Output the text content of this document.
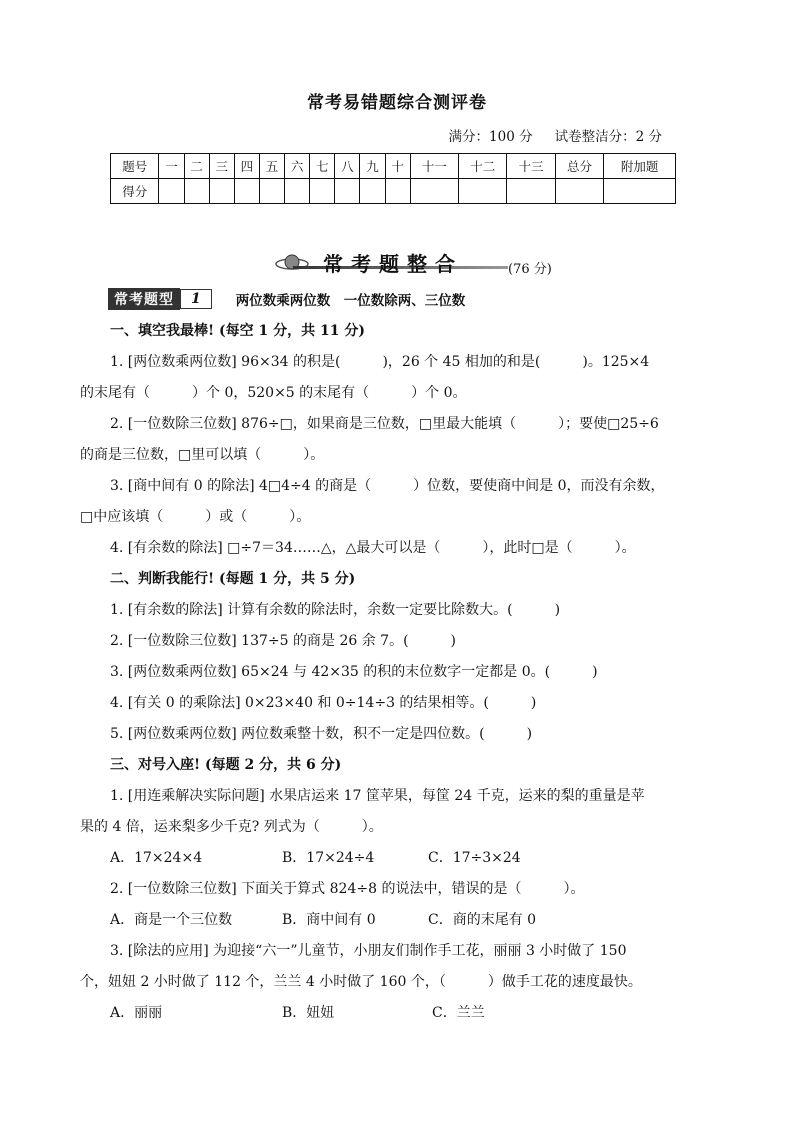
常考易错题综合测评卷
满分：100 分 试卷整洁分：2 分
题号	一	二	三	四	五	六	七	八	九	十	十一	十二	十三	总分	附加题
得分															
常考题整合	(76 分)
常考题型	1	两位数乘两位数　一位数除两、三位数
一、填空我最棒! (每空 1 分，共 11 分)
1. [两位数乘两位数] 96×34 的积是(　　　)，26 个 45 相加的和是(　　　)。125×4
的末尾有（　　　）个 0，520×5 的末尾有（　　　）个 0。
2. [一位数除三位数] 876÷□，如果商是三位数，□里最大能填（　　　）；要使□25÷6
的商是三位数，□里可以填（　　　）。
3. [商中间有 0 的除法] 4□4÷4 的商是（　　　）位数，要使商中间是 0，而没有余数，
□中应该填（　　　）或（　　　）。
4. [有余数的除法] □÷7＝34……△，△最大可以是（　　　），此时□是（　　　）。
二、判断我能行! (每题 1 分，共 5 分)
1. [有余数的除法] 计算有余数的除法时，余数一定要比除数大。(　　　)
2. [一位数除三位数] 137÷5 的商是 26 余 7。(　　　)
3. [两位数乘两位数] 65×24 与 42×35 的积的末位数字一定都是 0。(　　　)
4. [有关 0 的乘除法] 0×23×40 和 0÷14÷3 的结果相等。(　　　)
5. [两位数乘两位数] 两位数乘整十数，积不一定是四位数。(　　　)
三、对号入座! (每题 2 分，共 6 分)
1. [用连乘解决实际问题] 水果店运来 17 筐苹果，每筐 24 千克，运来的梨的重量是苹
果的 4 倍，运来梨多少千克? 列式为（　　　）。
A．17×24×4	B．17×24÷4	C．17÷3×24
2. [一位数除三位数] 下面关于算式 824÷8 的说法中，错误的是（　　　）。
A．商是一个三位数	B．商中间有 0	C．商的末尾有 0
3. [除法的应用] 为迎接“六一”儿童节，小朋友们制作手工花，丽丽 3 小时做了 150
个，妞妞 2 小时做了 112 个，兰兰 4 小时做了 160 个，（　　　）做手工花的速度最快。
A．丽丽	B．妞妞	C．兰兰
